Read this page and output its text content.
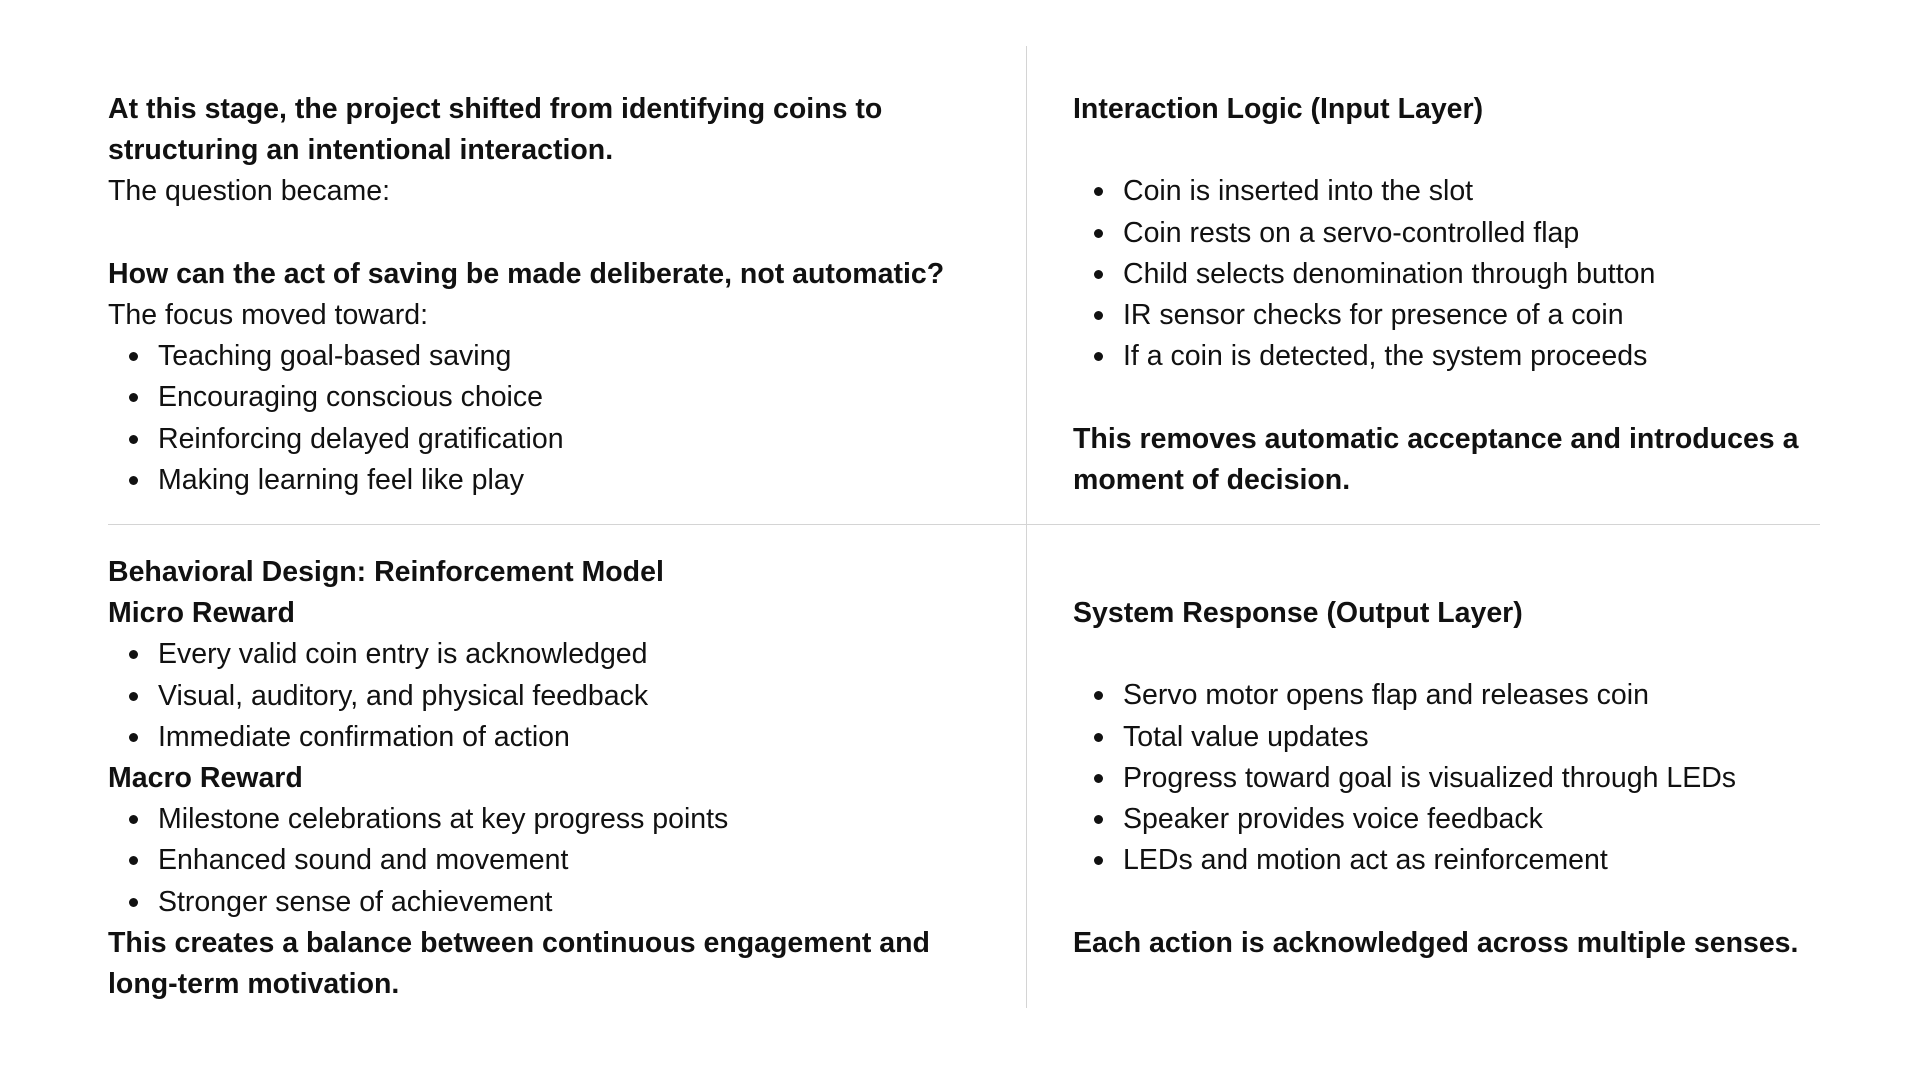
At this stage, the project shifted from identifying coins to structuring an intentional interaction.

The question became:

How can the act of saving be made deliberate, not automatic?

The focus moved toward:

Teaching goal-based saving
Encouraging conscious choice
Reinforcing delayed gratification
Making learning feel like play

Interaction Logic (Input Layer)

Coin is inserted into the slot
Coin rests on a servo-controlled flap
Child selects denomination through button
IR sensor checks for presence of a coin
If a coin is detected, the system proceeds

This removes automatic acceptance and introduces a moment of decision.

Behavioral Design: Reinforcement Model

Micro Reward

Every valid coin entry is acknowledged
Visual, auditory, and physical feedback
Immediate confirmation of action

Macro Reward

Milestone celebrations at key progress points
Enhanced sound and movement
Stronger sense of achievement

This creates a balance between continuous engagement and long-term motivation.

System Response (Output Layer)

Servo motor opens flap and releases coin
Total value updates
Progress toward goal is visualized through LEDs
Speaker provides voice feedback
LEDs and motion act as reinforcement

Each action is acknowledged across multiple senses.
